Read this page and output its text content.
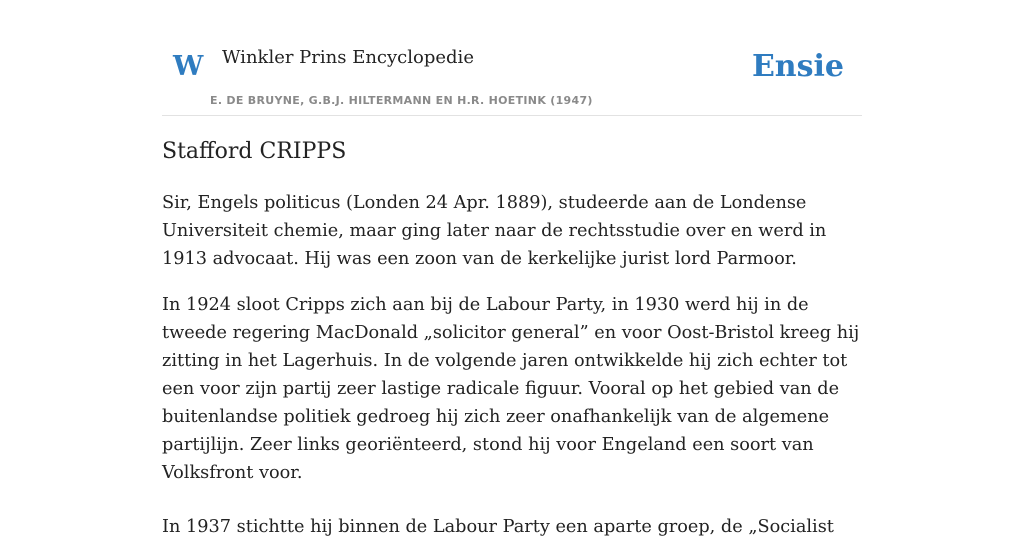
W Winkler Prins Encyclopedie
E. DE BRUYNE, G.B.J. HILTERMANN EN H.R. HOETINK (1947)
Ensie
Stafford CRIPPS

Sir, Engels politicus (Londen 24 Apr. 1889), studeerde aan de Londense Universiteit chemie, maar ging later naar de rechtsstudie over en werd in 1913 advocaat. Hij was een zoon van de kerkelijke jurist lord Parmoor.

In 1924 sloot Cripps zich aan bij de Labour Party, in 1930 werd hij in de tweede regering MacDonald „solicitor general” en voor Oost-Bristol kreeg hij zitting in het Lagerhuis. In de volgende jaren ontwikkelde hij zich echter tot een voor zijn partij zeer lastige radicale figuur. Vooral op het gebied van de buitenlandse politiek gedroeg hij zich zeer onafhankelijk van de algemene partijlijn. Zeer links georiënteerd, stond hij voor Engeland een soort van Volksfront voor.

In 1937 stichtte hij binnen de Labour Party een aparte groep, de „Socialist
